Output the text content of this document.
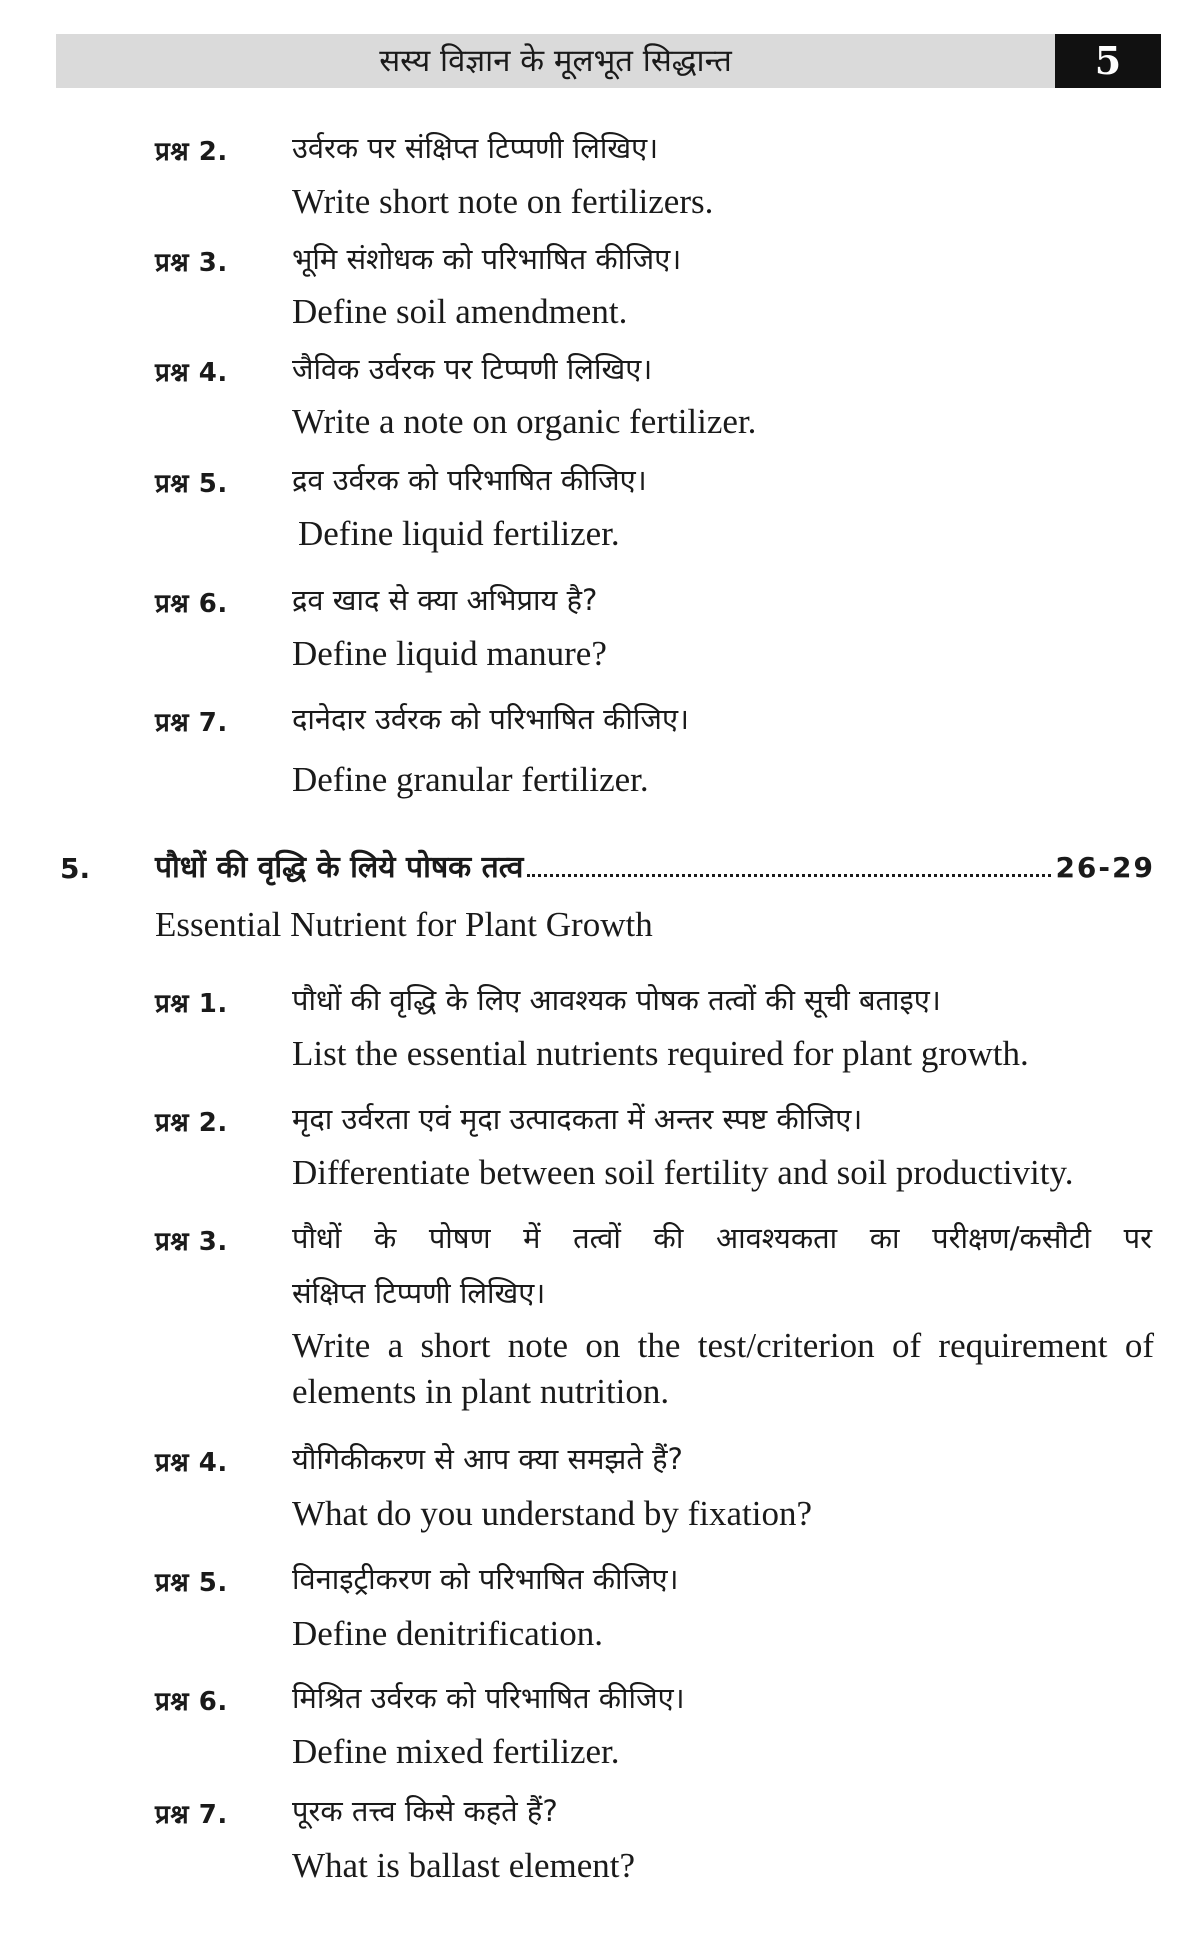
सस्य विज्ञान के मूलभूत सिद्धान्त	5
प्रश्न 2. उर्वरक पर संक्षिप्त टिप्पणी लिखिए।
Write short note on fertilizers.
प्रश्न 3. भूमि संशोधक को परिभाषित कीजिए।
Define soil amendment.
प्रश्न 4. जैविक उर्वरक पर टिप्पणी लिखिए।
Write a note on organic fertilizer.
प्रश्न 5. द्रव उर्वरक को परिभाषित कीजिए।
Define liquid fertilizer.
प्रश्न 6. द्रव खाद से क्या अभिप्राय है?
Define liquid manure?
प्रश्न 7. दानेदार उर्वरक को परिभाषित कीजिए।
Define granular fertilizer.
5. पौधों की वृद्धि के लिये पोषक तत्व	26-29
Essential Nutrient for Plant Growth
प्रश्न 1. पौधों की वृद्धि के लिए आवश्यक पोषक तत्वों की सूची बताइए।
List the essential nutrients required for plant growth.
प्रश्न 2. मृदा उर्वरता एवं मृदा उत्पादकता में अन्तर स्पष्ट कीजिए।
Differentiate between soil fertility and soil productivity.
प्रश्न 3. पौधों के पोषण में तत्वों की आवश्यकता का परीक्षण/कसौटी पर
संक्षिप्त टिप्पणी लिखिए।
Write a short note on the test/criterion of requirement of
elements in plant nutrition.
प्रश्न 4. यौगिकीकरण से आप क्या समझते हैं?
What do you understand by fixation?
प्रश्न 5. विनाइट्रीकरण को परिभाषित कीजिए।
Define denitrification.
प्रश्न 6. मिश्रित उर्वरक को परिभाषित कीजिए।
Define mixed fertilizer.
प्रश्न 7. पूरक तत्त्व किसे कहते हैं?
What is ballast element?
